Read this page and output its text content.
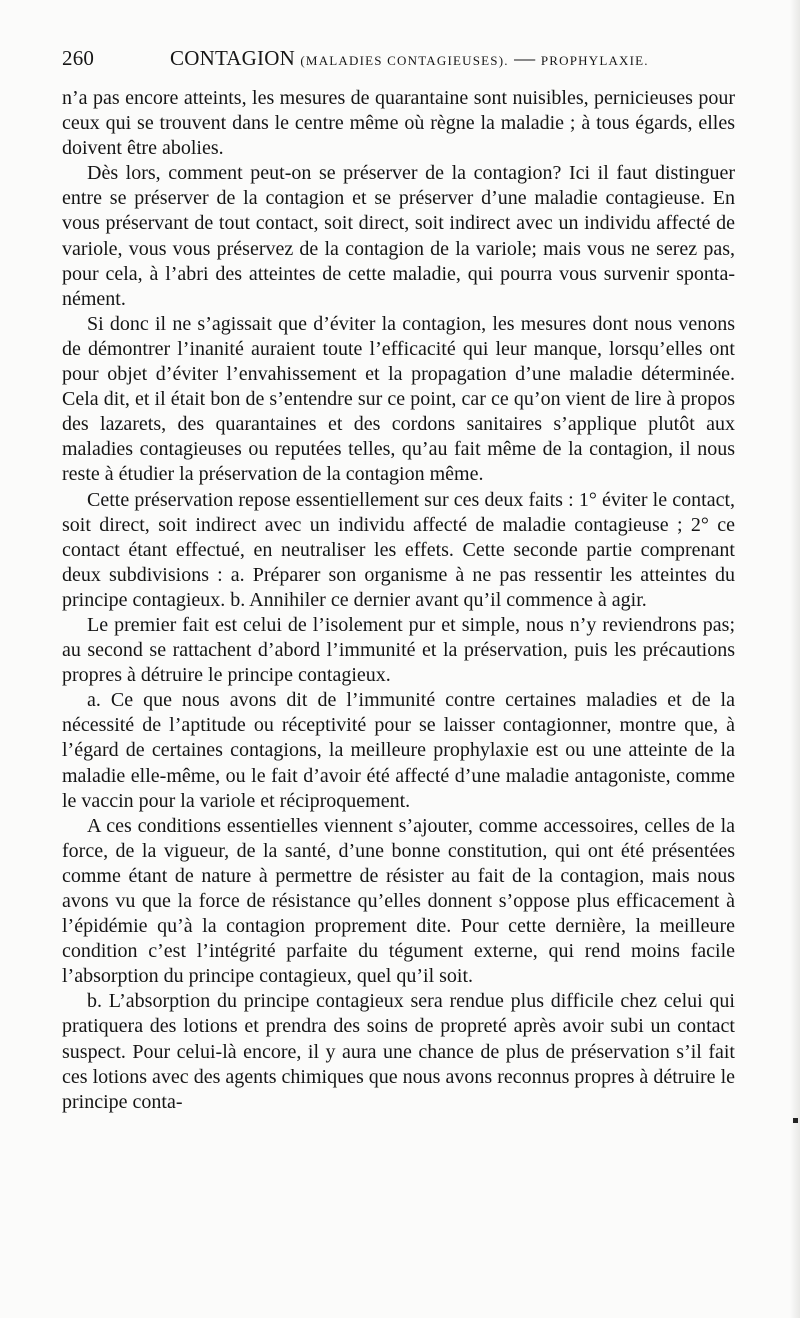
260	CONTAGION (MALADIES CONTAGIEUSES). — PROPHYLAXIE.

n’a pas encore atteints, les mesures de quarantaine sont nuisibles, pernicieuses pour ceux qui se trouvent dans le centre même où règne la maladie ; à tous égards, elles doivent être abolies.

Dès lors, comment peut-on se préserver de la contagion? Ici il faut distinguer entre se préserver de la contagion et se préserver d’une maladie contagieuse. En vous préservant de tout contact, soit direct, soit indirect avec un individu affecté de variole, vous vous préservez de la contagion de la variole; mais vous ne serez pas, pour cela, à l’abri des atteintes de cette maladie, qui pourra vous survenir spontanément.

Si donc il ne s’agissait que d’éviter la contagion, les mesures dont nous venons de démontrer l’inanité auraient toute l’efficacité qui leur manque, lorsqu’elles ont pour objet d’éviter l’envahissement et la propagation d’une maladie déterminée. Cela dit, et il était bon de s’entendre sur ce point, car ce qu’on vient de lire à propos des lazarets, des quarantaines et des cordons sanitaires s’applique plutôt aux maladies contagieuses ou reputées telles, qu’au fait même de la contagion, il nous reste à étudier la préservation de la contagion même.

Cette préservation repose essentiellement sur ces deux faits : 1° éviter le contact, soit direct, soit indirect avec un individu affecté de maladie contagieuse ; 2° ce contact étant effectué, en neutraliser les effets. Cette seconde partie comprenant deux subdivisions : a. Préparer son organisme à ne pas ressentir les atteintes du principe contagieux. b. Annihiler ce dernier avant qu’il commence à agir.

Le premier fait est celui de l’isolement pur et simple, nous n’y reviendrons pas; au second se rattachent d’abord l’immunité et la préservation, puis les précautions propres à détruire le principe contagieux.

a. Ce que nous avons dit de l’immunité contre certaines maladies et de la nécessité de l’aptitude ou réceptivité pour se laisser contagionner, montre que, à l’égard de certaines contagions, la meilleure prophylaxie est ou une atteinte de la maladie elle-même, ou le fait d’avoir été affecté d’une maladie antagoniste, comme le vaccin pour la variole et réciproquement.

A ces conditions essentielles viennent s’ajouter, comme accessoires, celles de la force, de la vigueur, de la santé, d’une bonne constitution, qui ont été présentées comme étant de nature à permettre de résister au fait de la contagion, mais nous avons vu que la force de résistance qu’elles donnent s’oppose plus efficacement à l’épidémie qu’à la contagion proprement dite. Pour cette dernière, la meilleure condition c’est l’intégrité parfaite du tégument externe, qui rend moins facile l’absorption du principe contagieux, quel qu’il soit.

b. L’absorption du principe contagieux sera rendue plus difficile chez celui qui pratiquera des lotions et prendra des soins de propreté après avoir subi un contact suspect. Pour celui-là encore, il y aura une chance de plus de préservation s’il fait ces lotions avec des agents chimiques que nous avons reconnus propres à détruire le principe conta-
